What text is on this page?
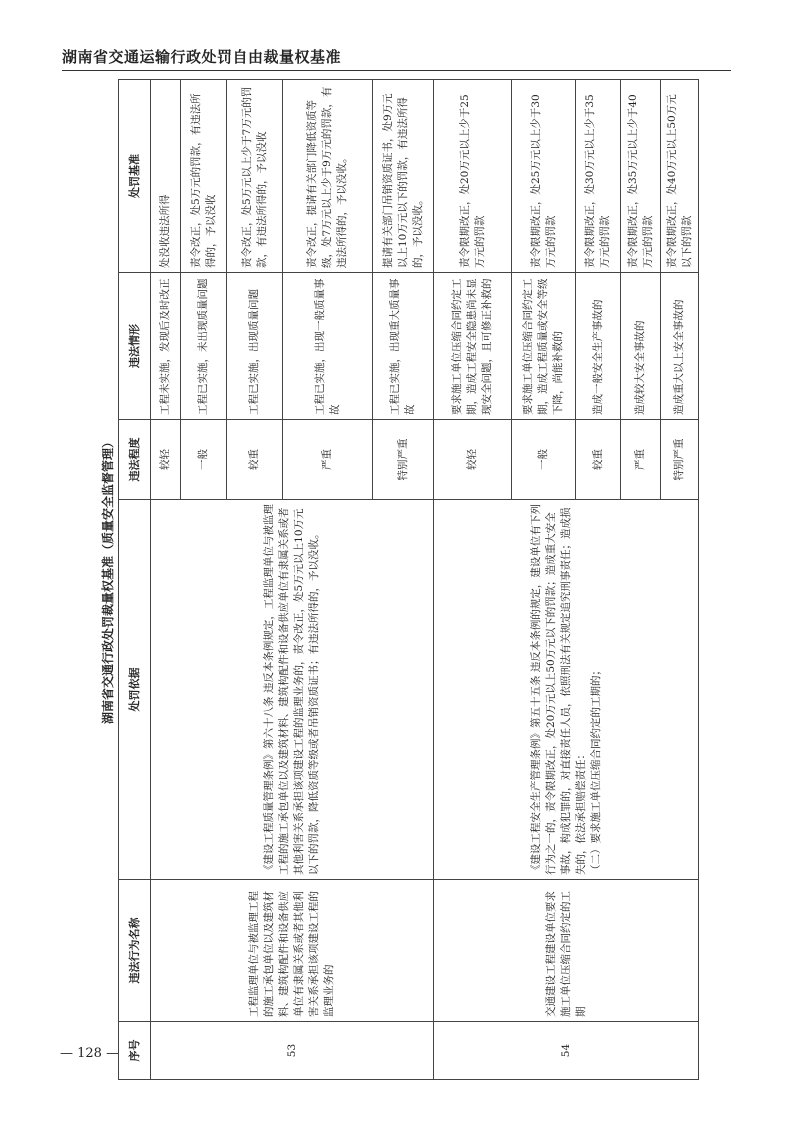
湖南省交通运输行政处罚自由裁量权基准
— 128 —
湖南省交通行政处罚裁量权基准（质量安全监督管理）
序号	违法行为名称	处罚依据	违法程度	违法情形	处罚基准
53	工程监理单位与被监理工程的施工承包单位以及建筑材料、建筑构配件和设备供应单位有隶属关系或者其他利害关系承担该项建设工程的监理业务的	《建设工程质量管理条例》第六十八条 违反本条例规定，工程监理单位与被监理工程的施工承包单位以及建筑材料、建筑构配件和设备供应单位有隶属关系或者其他利害关系承担该项建设工程的监理业务的，责令改正，处5万元以上10万元以下的罚款，降低资质等级或者吊销资质证书；有违法所得的，予以没收。	较轻	工程未实施，发现后及时改正	处没收违法所得
			一般	工程已实施，未出现质量问题	责令改正，处5万元的罚款，有违法所得的，予以没收
			较重	工程已实施，出现质量问题	责令改正，处5万元以上少于7万元的罚款，有违法所得的，予以没收
			严重	工程已实施，出现一般质量事故	责令改正，提请有关部门降低资质等级，处7万元以上少于9万元的罚款，有违法所得的，予以没收。
			特别严重	工程已实施，出现重大质量事故	提请有关部门吊销资质证书，处9万元以上10万元以下的罚款，有违法所得的，予以没收。
54	交通建设工程建设单位要求施工单位压缩合同约定的工期	《建设工程安全生产管理条例》第五十五条 违反本条例的规定，建设单位有下列行为之一的，责令限期改正，处20万元以上50万元以下的罚款；造成重大安全事故，构成犯罪的，对直接责任人员，依照刑法有关规定追究刑事责任；造成损失的，依法承担赔偿责任：
（二）要求施工单位压缩合同约定的工期的；	较轻	要求施工单位压缩合同约定工期，造成工程安全隐患尚未显现安全问题，且可修正补救的	责令限期改正，处20万元以上少于25万元的罚款
			一般	要求施工单位压缩合同约定工期，造成工程质量或安全等级下降，尚能补救的	责令限期改正，处25万元以上少于30万元的罚款
			较重	造成一般安全生产事故的	责令限期改正，处30万元以上少于35万元的罚款
			严重	造成较大安全事故的	责令限期改正，处35万元以上少于40万元的罚款
			特别严重	造成重大以上安全事故的	责令限期改正，处40万元以上50万元以下的罚款
